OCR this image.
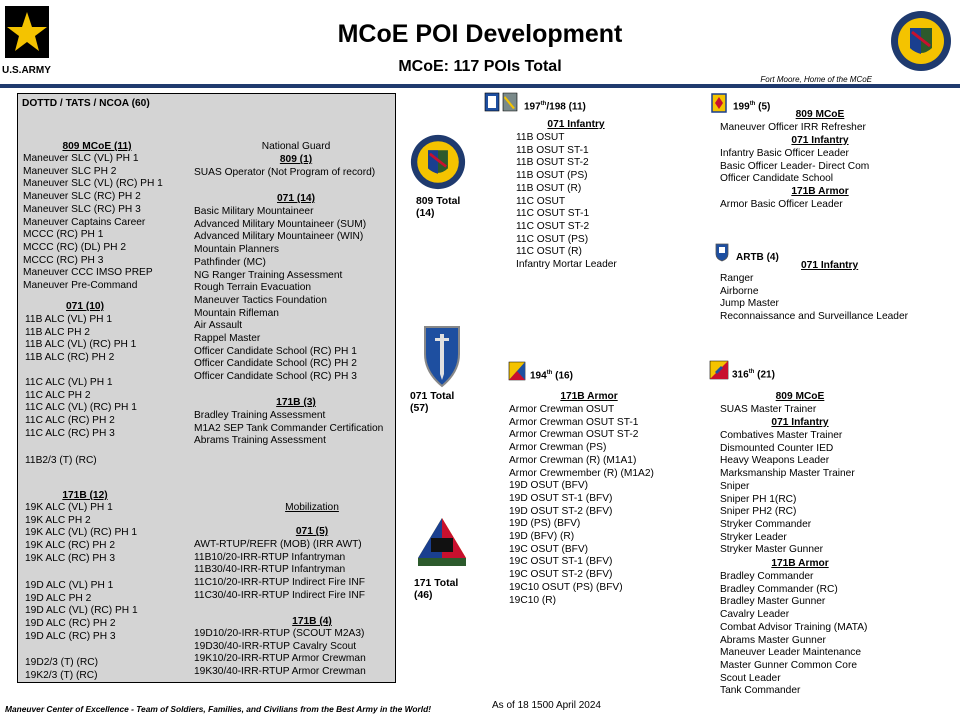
U.S.ARMY
MCoE POI Development
MCoE: 117 POIs Total
Fort Moore, Home of the MCoE
DOTTD / TATS / NCOA (60)
809 MCoE (11)
Maneuver SLC (VL) PH 1
Maneuver SLC PH 2
Maneuver SLC (VL) (RC) PH 1
Maneuver SLC (RC) PH 2
Maneuver SLC (RC) PH 3
Maneuver Captains Career
MCCC (RC) PH 1
MCCC (RC) (DL) PH 2
MCCC (RC) PH 3
Maneuver CCC IMSO PREP
Maneuver Pre-Command
071 (10)
11B ALC (VL) PH 1
11B ALC PH 2
11B ALC (VL) (RC) PH 1
11B ALC (RC) PH 2
11C ALC (VL) PH 1
11C ALC PH 2
11C ALC (VL) (RC) PH 1
11C ALC (RC) PH 2
11C ALC (RC) PH 3
11B2/3 (T) (RC)
171B (12)
19K ALC (VL) PH 1
19K ALC PH 2
19K ALC (VL) (RC) PH 1
19K ALC (RC) PH 2
19K ALC (RC) PH 3
19D ALC (VL) PH 1
19D ALC PH 2
19D ALC (VL) (RC) PH 1
19D ALC (RC) PH 2
19D ALC (RC) PH 3
19D2/3 (T) (RC)
19K2/3 (T) (RC)
National Guard
809 (1)
SUAS Operator (Not Program of record)
071 (14)
Basic Military Mountaineer
Advanced Military Mountaineer (SUM)
Advanced Military Mountaineer (WIN)
Mountain Planners
Pathfinder (MC)
NG Ranger Training Assessment
Rough Terrain Evacuation
Maneuver Tactics Foundation
Mountain Rifleman
Air Assault
Rappel Master
Officer Candidate School (RC) PH 1
Officer Candidate School (RC) PH 2
Officer Candidate School (RC) PH 3
171B (3)
Bradley Training Assessment
M1A2 SEP Tank Commander Certification
Abrams Training Assessment
Mobilization
071 (5)
AWT-RTUP/REFR (MOB) (IRR AWT)
11B10/20-IRR-RTUP Infantryman
11B30/40-IRR-RTUP Infantryman
11C10/20-IRR-RTUP Indirect Fire INF
11C30/40-IRR-RTUP Indirect Fire INF
171B (4)
19D10/20-IRR-RTUP (SCOUT M2A3)
19D30/40-IRR-RTUP Cavalry Scout
19K10/20-IRR-RTUP Armor Crewman
19K30/40-IRR-RTUP Armor Crewman
809 Total
(14)
071 Total
(57)
171 Total
(46)
197th/198 (11)
071 Infantry
11B OSUT
11B OSUT ST-1
11B OSUT ST-2
11B OSUT (PS)
11B OSUT (R)
11C OSUT
11C OSUT ST-1
11C OSUT ST-2
11C OSUT (PS)
11C OSUT (R)
Infantry Mortar Leader
199th (5)
809 MCoE
Maneuver Officer IRR Refresher
071 Infantry
Infantry Basic Officer Leader
Basic Officer Leader- Direct Com
Officer Candidate School
171B Armor
Armor Basic Officer Leader
ARTB (4)
071 Infantry
Ranger
Airborne
Jump Master
Reconnaissance and Surveillance Leader
194th (16)
171B Armor
Armor Crewman OSUT
Armor Crewman OSUT ST-1
Armor Crewman OSUT ST-2
Armor Crewman (PS)
Armor Crewman (R) (M1A1)
Armor Crewmember (R) (M1A2)
19D OSUT (BFV)
19D OSUT ST-1 (BFV)
19D OSUT ST-2 (BFV)
19D (PS) (BFV)
19D (BFV) (R)
19C OSUT (BFV)
19C OSUT ST-1 (BFV)
19C OSUT ST-2 (BFV)
19C10 OSUT (PS) (BFV)
19C10 (R)
316th (21)
809 MCoE
SUAS Master Trainer
071 Infantry
Combatives Master Trainer
Dismounted Counter IED
Heavy Weapons Leader
Marksmanship Master Trainer
Sniper
Sniper PH 1(RC)
Sniper PH2 (RC)
Stryker Commander
Stryker Leader
Stryker Master Gunner
171B Armor
Bradley Commander
Bradley Commander (RC)
Bradley Master Gunner
Cavalry Leader
Combat Advisor Training (MATA)
Abrams Master Gunner
Maneuver Leader Maintenance
Master Gunner Common Core
Scout Leader
Tank Commander
Maneuver Center of Excellence - Team of Soldiers, Families, and Civilians from the Best Army in the World!	As of 18 1500 April 2024
